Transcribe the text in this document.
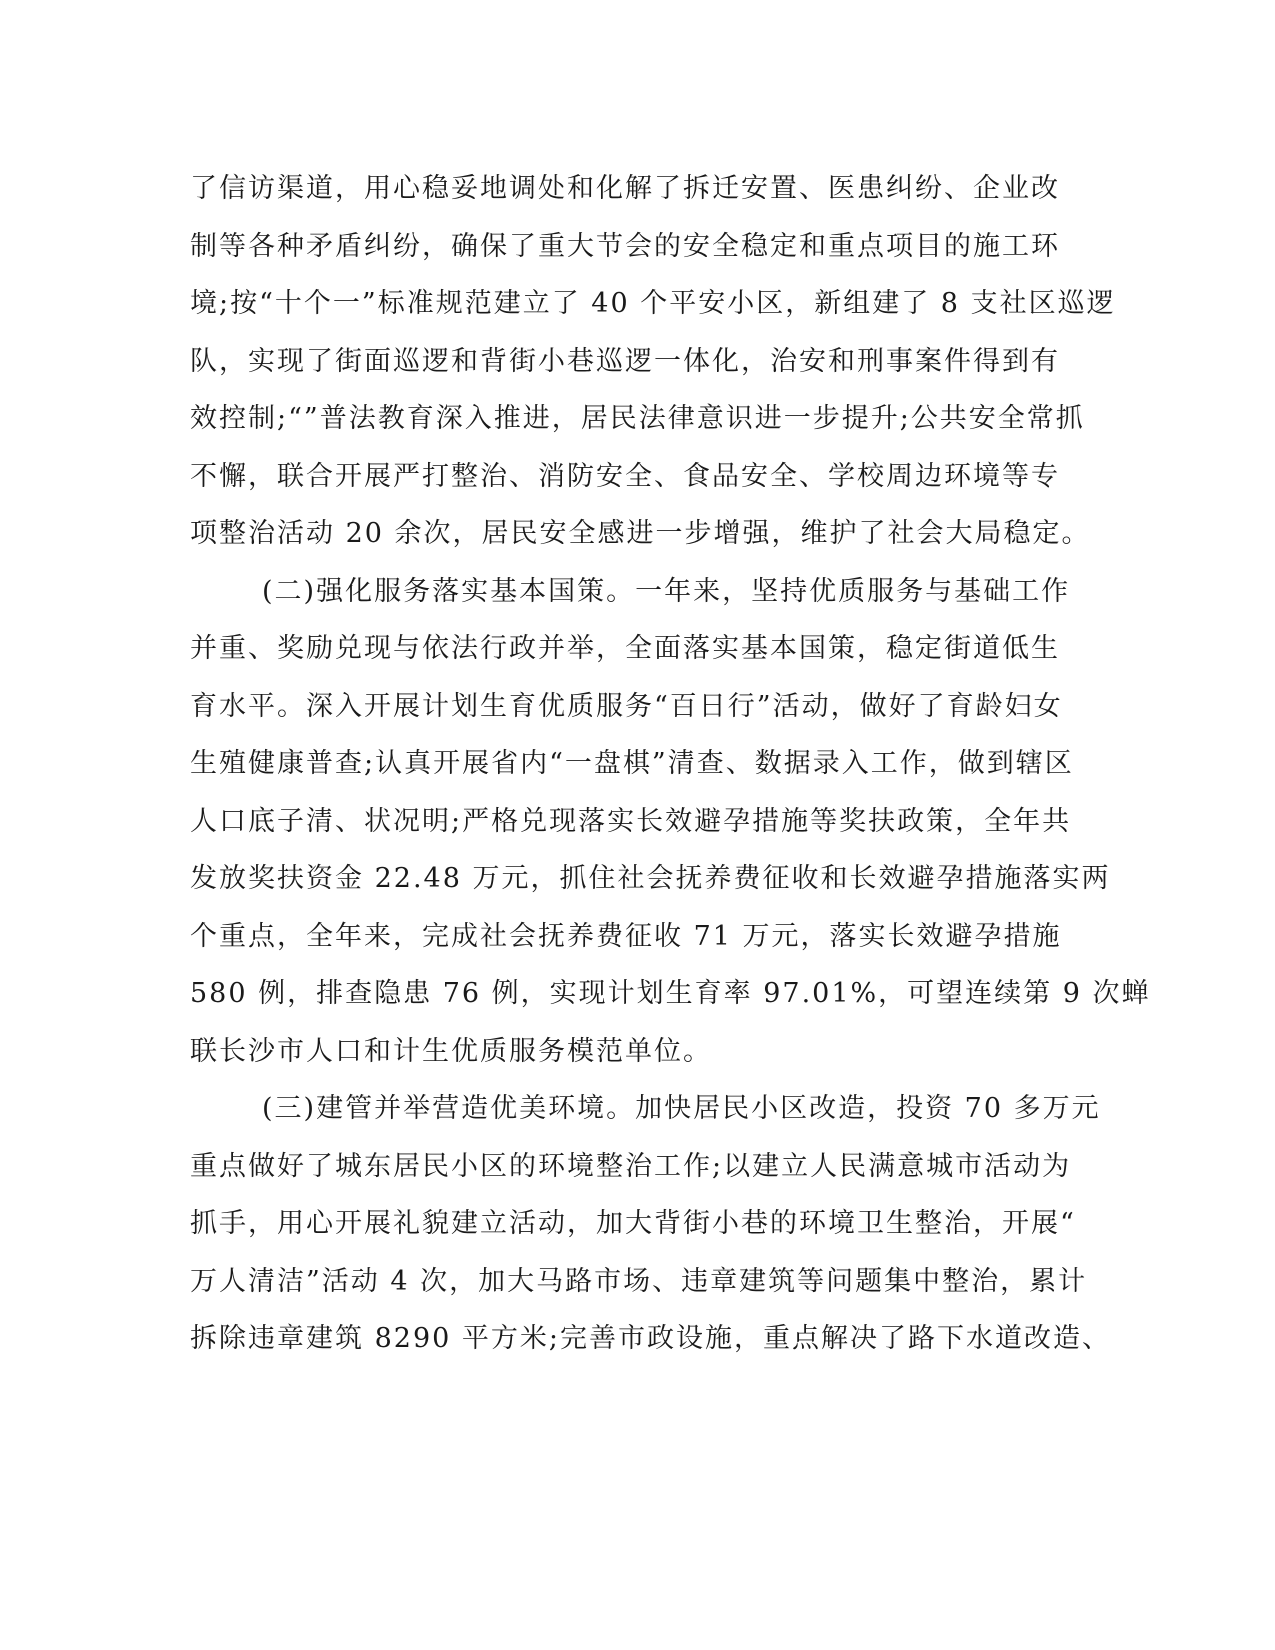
了信访渠道，用心稳妥地调处和化解了拆迁安置、医患纠纷、企业改
制等各种矛盾纠纷，确保了重大节会的安全稳定和重点项目的施工环
境;按“十个一”标准规范建立了 40 个平安小区，新组建了 8 支社区巡逻
队，实现了街面巡逻和背街小巷巡逻一体化，治安和刑事案件得到有
效控制;“”普法教育深入推进，居民法律意识进一步提升;公共安全常抓
不懈，联合开展严打整治、消防安全、食品安全、学校周边环境等专
项整治活动 20 余次，居民安全感进一步增强，维护了社会大局稳定。
(二)强化服务落实基本国策。一年来，坚持优质服务与基础工作
并重、奖励兑现与依法行政并举，全面落实基本国策，稳定街道低生
育水平。深入开展计划生育优质服务“百日行”活动，做好了育龄妇女
生殖健康普查;认真开展省内“一盘棋”清查、数据录入工作，做到辖区
人口底子清、状况明;严格兑现落实长效避孕措施等奖扶政策，全年共
发放奖扶资金 22.48 万元，抓住社会抚养费征收和长效避孕措施落实两
个重点，全年来，完成社会抚养费征收 71 万元，落实长效避孕措施
580 例，排查隐患 76 例，实现计划生育率 97.01%，可望连续第 9 次蝉
联长沙市人口和计生优质服务模范单位。
(三)建管并举营造优美环境。加快居民小区改造，投资 70 多万元
重点做好了城东居民小区的环境整治工作;以建立人民满意城市活动为
抓手，用心开展礼貌建立活动，加大背街小巷的环境卫生整治，开展“
万人清洁”活动 4 次，加大马路市场、违章建筑等问题集中整治，累计
拆除违章建筑 8290 平方米;完善市政设施，重点解决了路下水道改造、
